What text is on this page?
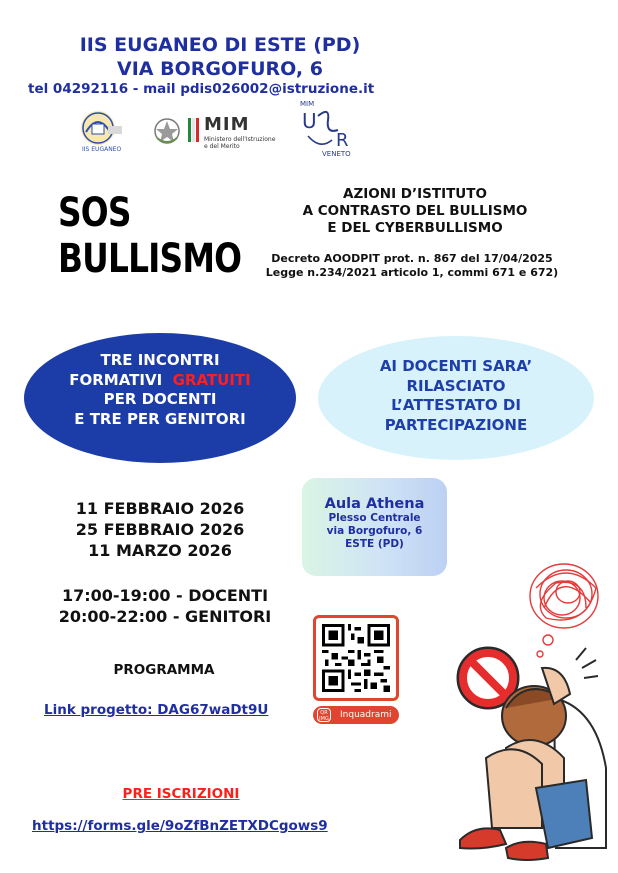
IIS EUGANEO DI ESTE (PD)
VIA BORGOFURO, 6
tel 04292116 - mail pdis026002@istruzione.it
IIS EUGANEO
MIM
Ministero dell'Istruzione
e del Merito
MIM
U
R
VENETO
SOS
BULLISMO
AZIONI D’ISTITUTO
A CONTRASTO DEL BULLISMO
E DEL CYBERBULLISMO
Decreto AOODPIT prot. n. 867 del 17/04/2025
Legge n.234/2021 articolo 1, commi 671 e 672)
TRE INCONTRI
FORMATIVI GRATUITI
PER DOCENTI
E TRE PER GENITORI
AI DOCENTI SARA’
RILASCIATO
L’ATTESTATO DI
PARTECIPAZIONE
11 FEBBRAIO 2026
25 FEBBRAIO 2026
11 MARZO 2026
17:00-19:00 - DOCENTI
20:00-22:00 - GENITORI
Aula Athena
Plesso Centrale
via Borgofuro, 6
ESTE (PD)
QR IMG Inquadrami
PROGRAMMA
Link progetto: DAG67waDt9U
PRE ISCRIZIONI
https://forms.gle/9oZfBnZETXDCgows9
